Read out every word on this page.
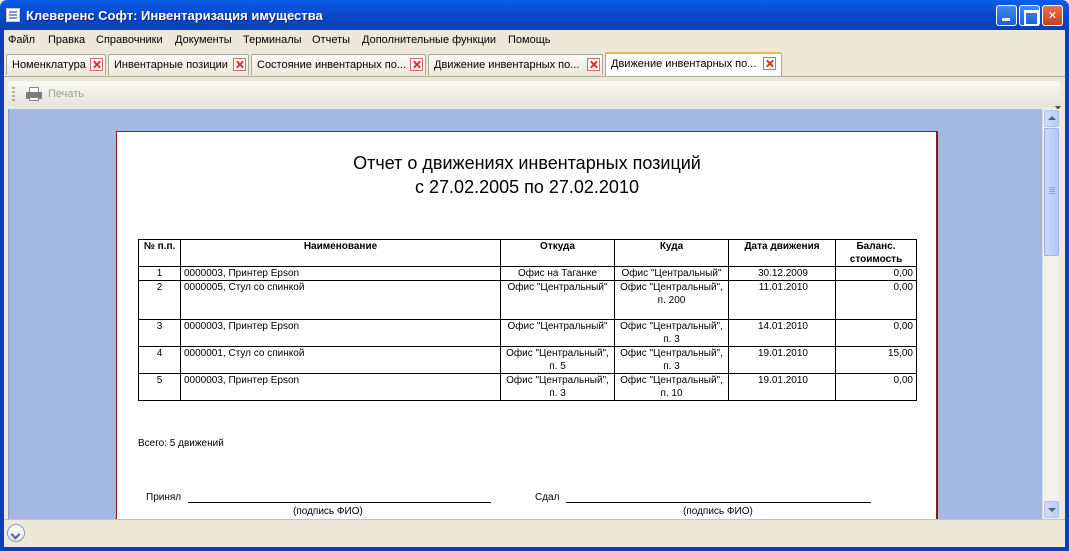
Клеверенс Софт: Инвентаризация имущества	✕
Файл Правка Справочники Документы Терминалы Отчеты Дополнительные функции Помощь
Номенклатура	Инвентарные позиции	Состояние инвентарных по...	Движение инвентарных по...	Движение инвентарных по...
Печать
Отчет о движениях инвентарных позиций
с 27.02.2005 по 27.02.2010
№ п.п.	Наименование	Откуда	Куда	Дата движения	Баланс. стоимость
1	0000003, Принтер Epson	Офис на Таганке	Офис "Центральный"	30.12.2009	0,00
2	0000005, Стул со спинкой	Офис "Центральный"	Офис "Центральный", п. 200	11.01.2010	0,00
3	0000003, Принтер Epson	Офис "Центральный"	Офис "Центральный", п. 3	14.01.2010	0,00
4	0000001, Стул со спинкой	Офис "Центральный", п. 5	Офис "Центральный", п. 3	19.01.2010	15,00
5	0000003, Принтер Epson	Офис "Центральный", п. 3	Офис "Центральный", п. 10	19.01.2010	0,00
Всего: 5 движений
Принял
(подпись ФИО)
Сдал
(подпись ФИО)
